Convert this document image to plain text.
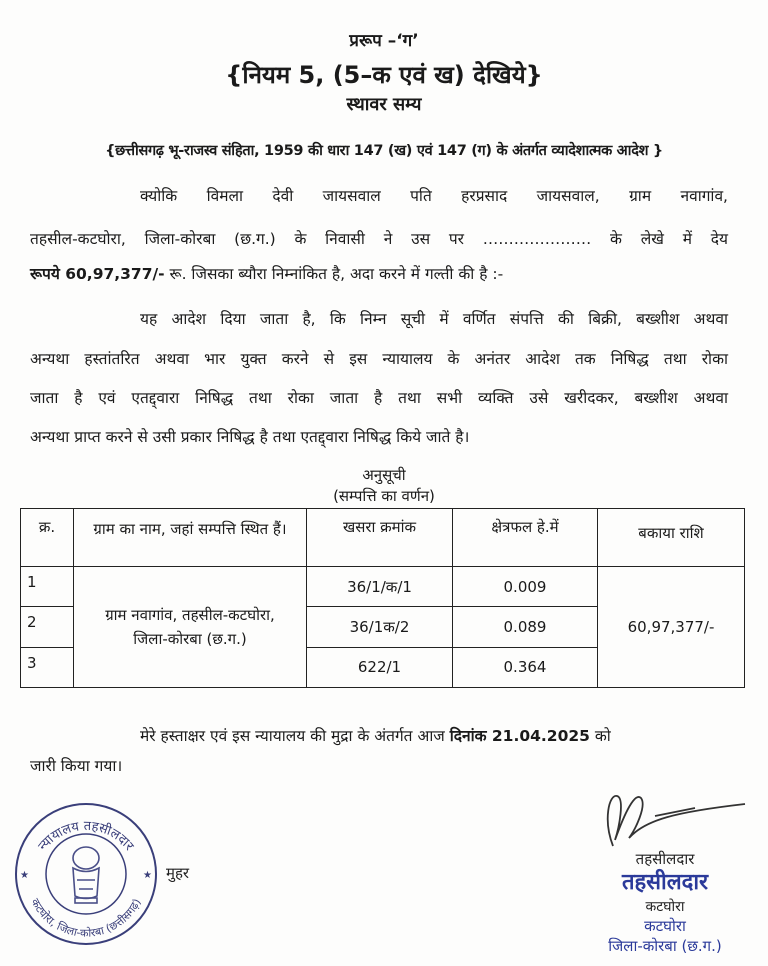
प्ररूप –‘ग’
{नियम 5, (5–क एवं ख) देखिये}
स्थावर सम्य
{छत्तीसगढ़ भू-राजस्व संहिता, 1959 की धारा 147 (ख) एवं 147 (ग) के अंतर्गत व्यादेशात्मक आदेश }
क्योकि विमला देवी जायसवाल पति हरप्रसाद जायसवाल, ग्राम नवागांव,
तहसील-कटघोरा, जिला-कोरबा (छ.ग.) के निवासी ने उस पर ………………… के लेखे में देय
रूपये 60,97,377/- रू. जिसका ब्यौरा निम्नांकित है, अदा करने में गल्ती की है :-
यह आदेश दिया जाता है, कि निम्न सूची में वर्णित संपत्ति की बिक्री, बख्शीश अथवा
अन्यथा हस्तांतरित अथवा भार युक्त करने से इस न्यायालय के अनंतर आदेश तक निषिद्ध तथा रोका
जाता है एवं एतद्द्वारा निषिद्ध तथा रोका जाता है तथा सभी व्यक्ति उसे खरीदकर, बख्शीश अथवा
अन्यथा प्राप्त करने से उसी प्रकार निषिद्ध है तथा एतद्द्वारा निषिद्ध किये जाते है।
अनुसूची
(सम्पत्ति का वर्णन)
क्र.	ग्राम का नाम, जहां सम्पत्ति स्थित हैं।	खसरा क्रमांक	क्षेत्रफल हे.में	बकाया राशि
1	ग्राम नवागांव, तहसील-कटघोरा, जिला-कोरबा (छ.ग.)	36/1/क/1	0.009	60,97,377/-
2		36/1क/2	0.089	
3		622/1	0.364	
मेरे हस्ताक्षर एवं इस न्यायालय की मुद्रा के अंतर्गत आज दिनांक 21.04.2025 को
जारी किया गया।
न्यायालय तहसीलदार
कटघोरा, जिला-कोरबा (छत्तीसगढ़)
★	★ मुहर
तहसीलदार
तहसीलदार
कटघोरा
कटघोरा
जिला-कोरबा (छ.ग.)
